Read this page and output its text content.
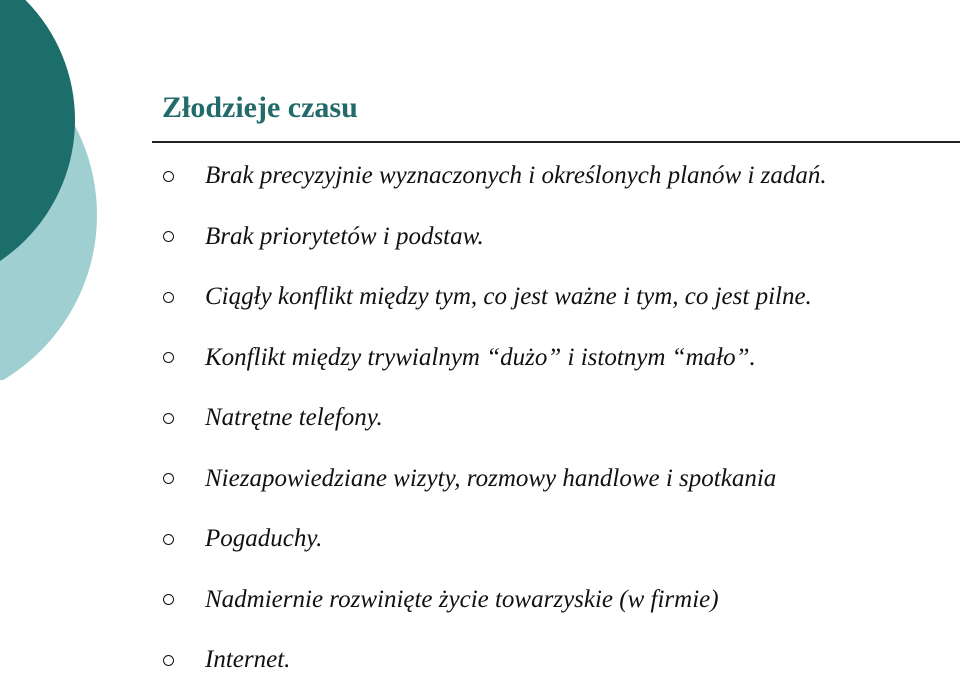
Złodzieje czasu
Brak precyzyjnie wyznaczonych i określonych planów i zadań.
Brak priorytetów i podstaw.
Ciągły konflikt między tym, co jest ważne i tym, co jest pilne.
Konflikt między trywialnym “dużo” i istotnym “mało”.
Natrętne telefony.
Niezapowiedziane wizyty, rozmowy handlowe i spotkania
Pogaduchy.
Nadmiernie rozwinięte życie towarzyskie (w firmie)
Internet.
